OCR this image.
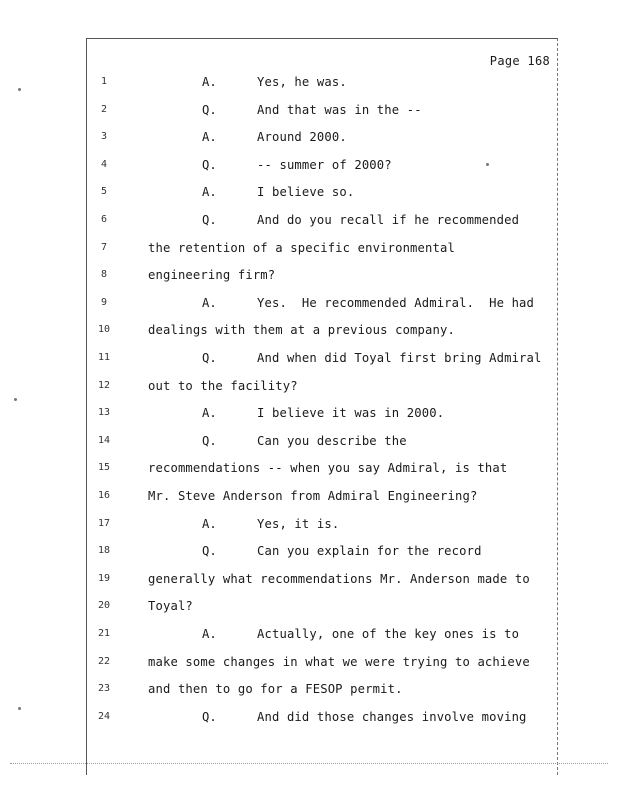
Page 168
1	A.	Yes, he was.
2	Q.	And that was in the --
3	A.	Around 2000.
4	Q.	-- summer of 2000?
5	A.	I believe so.
6	Q.	And do you recall if he recommended
7	the retention of a specific environmental
8	engineering firm?
9	A.	Yes.  He recommended Admiral.  He had
10	dealings with them at a previous company.
11	Q.	And when did Toyal first bring Admiral
12	out to the facility?
13	A.	I believe it was in 2000.
14	Q.	Can you describe the
15	recommendations -- when you say Admiral, is that
16	Mr. Steve Anderson from Admiral Engineering?
17	A.	Yes, it is.
18	Q.	Can you explain for the record
19	generally what recommendations Mr. Anderson made to
20	Toyal?
21	A.	Actually, one of the key ones is to
22	make some changes in what we were trying to achieve
23	and then to go for a FESOP permit.
24	Q.	And did those changes involve moving
